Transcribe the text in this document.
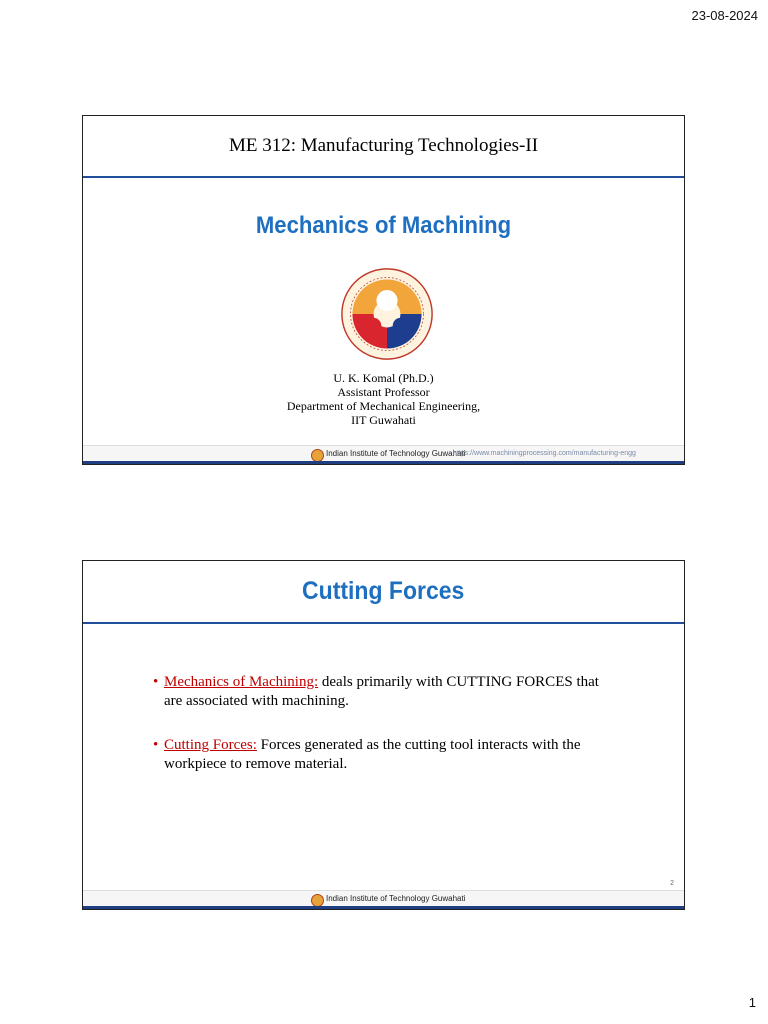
23-08-2024
ME 312: Manufacturing Technologies-II
Mechanics of Machining
U. K. Komal (Ph.D.)
Assistant Professor
Department of Mechanical Engineering,
IIT Guwahati
Indian Institute of Technology Guwahati
https://www.machiningprocessing.com/manufacturing-engg
Cutting Forces
• Mechanics of Machining: deals primarily with CUTTING FORCES that are associated with machining.
• Cutting Forces: Forces generated as the cutting tool interacts with the workpiece to remove material.
2
Indian Institute of Technology Guwahati
1
